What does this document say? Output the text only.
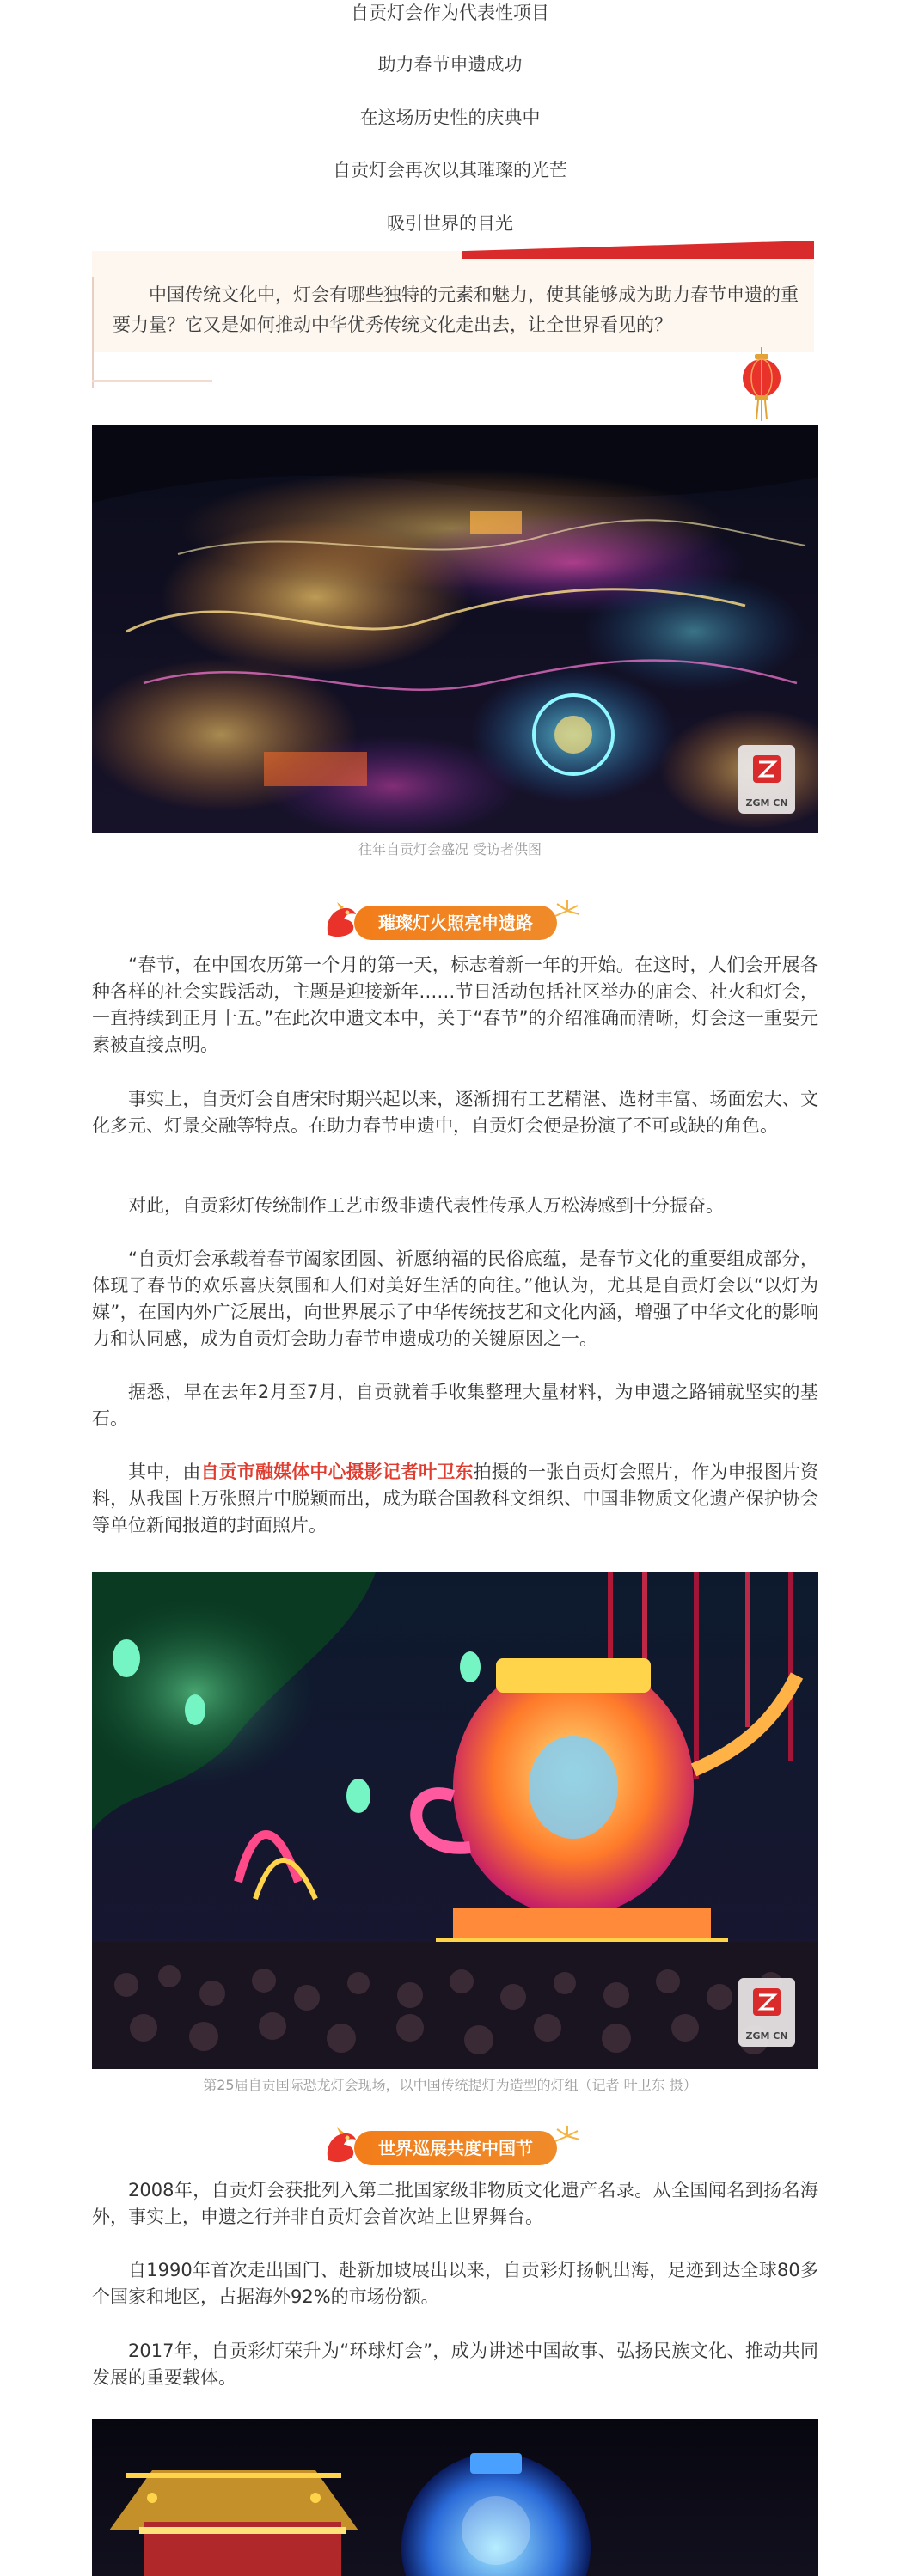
自贡灯会作为代表性项目
助力春节申遗成功
在这场历史性的庆典中
自贡灯会再次以其璀璨的光芒
吸引世界的目光
中国传统文化中，灯会有哪些独特的元素和魅力，使其能够成为助力春节申遗的重要力量？它又是如何推动中华优秀传统文化走出去，让全世界看见的？
ZGM CN
往年自贡灯会盛况 受访者供图
璀璨灯火照亮申遗路
“春节，在中国农历第一个月的第一天，标志着新一年的开始。在这时，人们会开展各种各样的社会实践活动，主题是迎接新年……节日活动包括社区举办的庙会、社火和灯会，一直持续到正月十五。”在此次申遗文本中，关于“春节”的介绍准确而清晰，灯会这一重要元素被直接点明。
事实上，自贡灯会自唐宋时期兴起以来，逐渐拥有工艺精湛、选材丰富、场面宏大、文化多元、灯景交融等特点。在助力春节申遗中，自贡灯会便是扮演了不可或缺的角色。
对此，自贡彩灯传统制作工艺市级非遗代表性传承人万松涛感到十分振奋。
“自贡灯会承载着春节阖家团圆、祈愿纳福的民俗底蕴，是春节文化的重要组成部分，体现了春节的欢乐喜庆氛围和人们对美好生活的向往。”他认为，尤其是自贡灯会以“以灯为媒”，在国内外广泛展出，向世界展示了中华传统技艺和文化内涵，增强了中华文化的影响力和认同感，成为自贡灯会助力春节申遗成功的关键原因之一。
据悉，早在去年2月至7月，自贡就着手收集整理大量材料，为申遗之路铺就坚实的基石。
其中，由自贡市融媒体中心摄影记者叶卫东拍摄的一张自贡灯会照片，作为申报图片资料，从我国上万张照片中脱颖而出，成为联合国教科文组织、中国非物质文化遗产保护协会等单位新闻报道的封面照片。
ZGM CN
第25届自贡国际恐龙灯会现场，以中国传统提灯为造型的灯组（记者 叶卫东 摄）
世界巡展共度中国节
2008年，自贡灯会获批列入第二批国家级非物质文化遗产名录。从全国闻名到扬名海外，事实上，申遗之行并非自贡灯会首次站上世界舞台。
自1990年首次走出国门、赴新加坡展出以来，自贡彩灯扬帆出海，足迹到达全球80多个国家和地区，占据海外92%的市场份额。
2017年，自贡彩灯荣升为“环球灯会”，成为讲述中国故事、弘扬民族文化、推动共同发展的重要载体。
